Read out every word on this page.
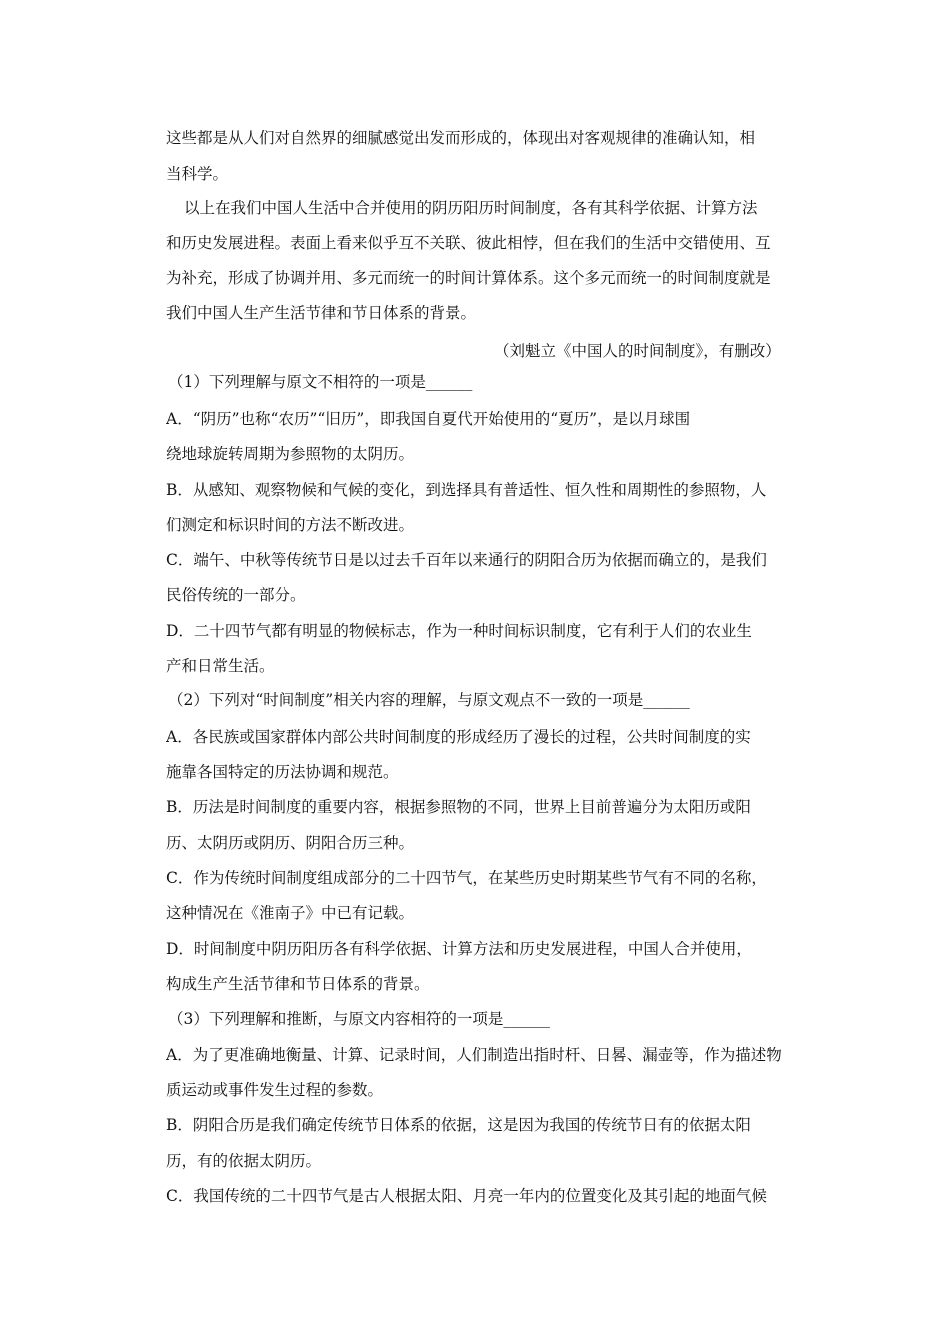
这些都是从人们对自然界的细腻感觉出发而形成的，体现出对客观规律的准确认知，相
当科学。
以上在我们中国人生活中合并使用的阴历阳历时间制度，各有其科学依据、计算方法
和历史发展进程。表面上看来似乎互不关联、彼此相悖，但在我们的生活中交错使用、互
为补充，形成了协调并用、多元而统一的时间计算体系。这个多元而统一的时间制度就是
我们中国人生产生活节律和节日体系的背景。
（刘魁立《中国人的时间制度》，有删改）
（1）下列理解与原文不相符的一项是______
A．“阴历”也称“农历”“旧历”，即我国自夏代开始使用的“夏历”，是以月球围
绕地球旋转周期为参照物的太阴历。
B．从感知、观察物候和气候的变化，到选择具有普适性、恒久性和周期性的参照物，人
们测定和标识时间的方法不断改进。
C．端午、中秋等传统节日是以过去千百年以来通行的阴阳合历为依据而确立的，是我们
民俗传统的一部分。
D．二十四节气都有明显的物候标志，作为一种时间标识制度，它有利于人们的农业生
产和日常生活。
（2）下列对“时间制度”相关内容的理解，与原文观点不一致的一项是______
A．各民族或国家群体内部公共时间制度的形成经历了漫长的过程，公共时间制度的实
施靠各国特定的历法协调和规范。
B．历法是时间制度的重要内容，根据参照物的不同，世界上目前普遍分为太阳历或阳
历、太阴历或阴历、阴阳合历三种。
C．作为传统时间制度组成部分的二十四节气，在某些历史时期某些节气有不同的名称，
这种情况在《淮南子》中已有记载。
D．时间制度中阴历阳历各有科学依据、计算方法和历史发展进程，中国人合并使用，
构成生产生活节律和节日体系的背景。
（3）下列理解和推断，与原文内容相符的一项是______
A．为了更准确地衡量、计算、记录时间，人们制造出指时杆、日晷、漏壶等，作为描述物
质运动或事件发生过程的参数。
B．阴阳合历是我们确定传统节日体系的依据，这是因为我国的传统节日有的依据太阳
历，有的依据太阴历。
C．我国传统的二十四节气是古人根据太阳、月亮一年内的位置变化及其引起的地面气候
